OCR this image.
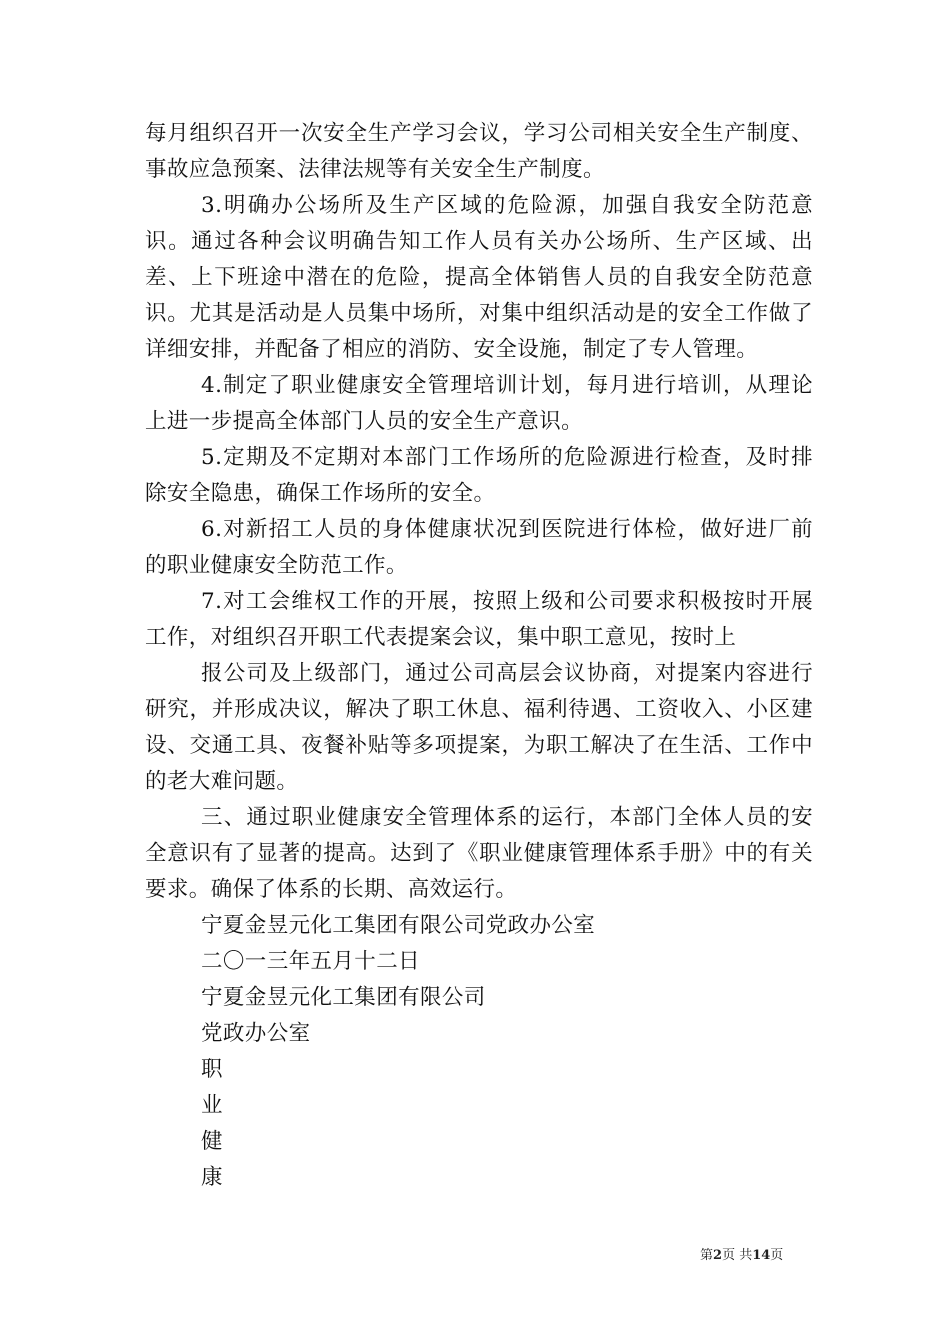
每月组织召开一次安全生产学习会议，学习公司相关安全生产制度、事故应急预案、法律法规等有关安全生产制度。

3.明确办公场所及生产区域的危险源，加强自我安全防范意识。通过各种会议明确告知工作人员有关办公场所、生产区域、出差、上下班途中潜在的危险，提高全体销售人员的自我安全防范意识。尤其是活动是人员集中场所，对集中组织活动是的安全工作做了详细安排，并配备了相应的消防、安全设施，制定了专人管理。

4.制定了职业健康安全管理培训计划，每月进行培训，从理论上进一步提高全体部门人员的安全生产意识。

5.定期及不定期对本部门工作场所的危险源进行检查，及时排除安全隐患，确保工作场所的安全。

6.对新招工人员的身体健康状况到医院进行体检，做好进厂前的职业健康安全防范工作。

7.对工会维权工作的开展，按照上级和公司要求积极按时开展工作，对组织召开职工代表提案会议，集中职工意见，按时上

报公司及上级部门，通过公司高层会议协商，对提案内容进行研究，并形成决议，解决了职工休息、福利待遇、工资收入、小区建设、交通工具、夜餐补贴等多项提案，为职工解决了在生活、工作中的老大难问题。

三、通过职业健康安全管理体系的运行，本部门全体人员的安全意识有了显著的提高。达到了《职业健康管理体系手册》中的有关要求。确保了体系的长期、高效运行。

宁夏金昱元化工集团有限公司党政办公室

二〇一三年五月十二日

宁夏金昱元化工集团有限公司

党政办公室

职

业

健

康

第2页 共14页
